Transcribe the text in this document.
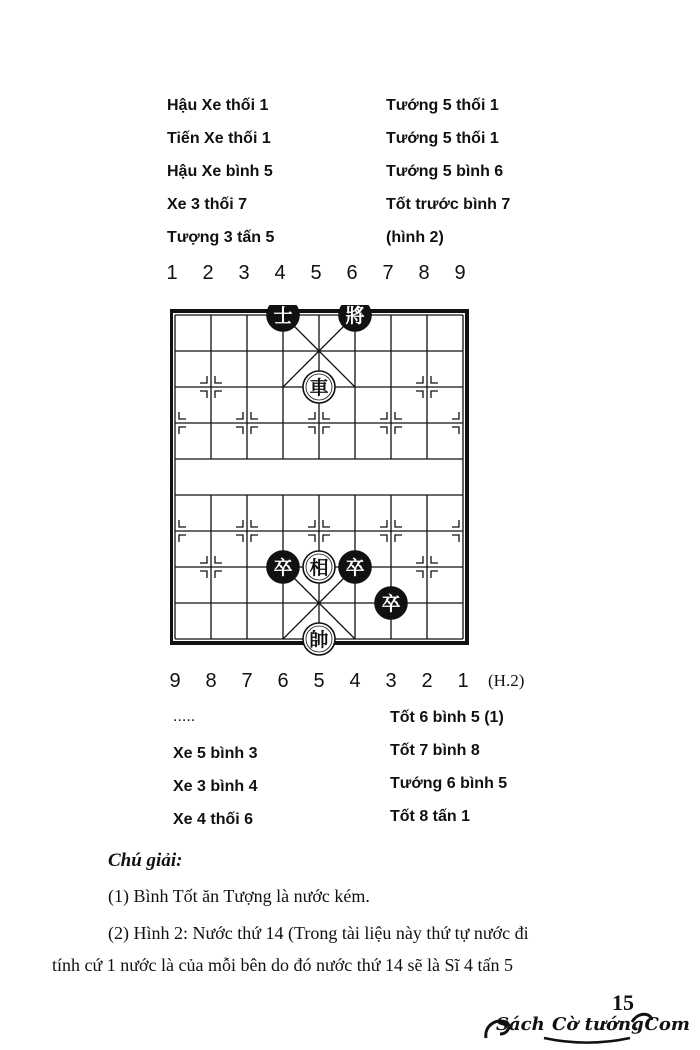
Hậu Xe thối 1
Tiến Xe thối 1
Hậu Xe bình 5
Xe 3 thối 7
Tượng 3 tấn 5
Tướng 5 thối 1
Tướng 5 thối 1
Tướng 5 bình 6
Tốt trước bình 7
(hình 2)
1 2 3 4 5 6 7 8 9
士	將
車
卒 相 卒
卒
帥
9 8 7 6 5 4 3 2 1 (H.2)
.....
Xe 5 bình 3
Xe 3 bình 4
Xe 4 thối 6
Tốt 6 bình 5 (1)
Tốt 7 bình 8
Tướng 6 bình 5
Tốt 8 tấn 1
Chú giải:
(1) Bình Tốt ăn Tượng là nước kém.
(2) Hình 2: Nước thứ 14 (Trong tài liệu này thứ tự nước đi
tính cứ 1 nước là của mỗi bên do đó nước thứ 14 sẽ là Sĩ 4 tấn 5
15
Sách Cờ tướng
. Com
